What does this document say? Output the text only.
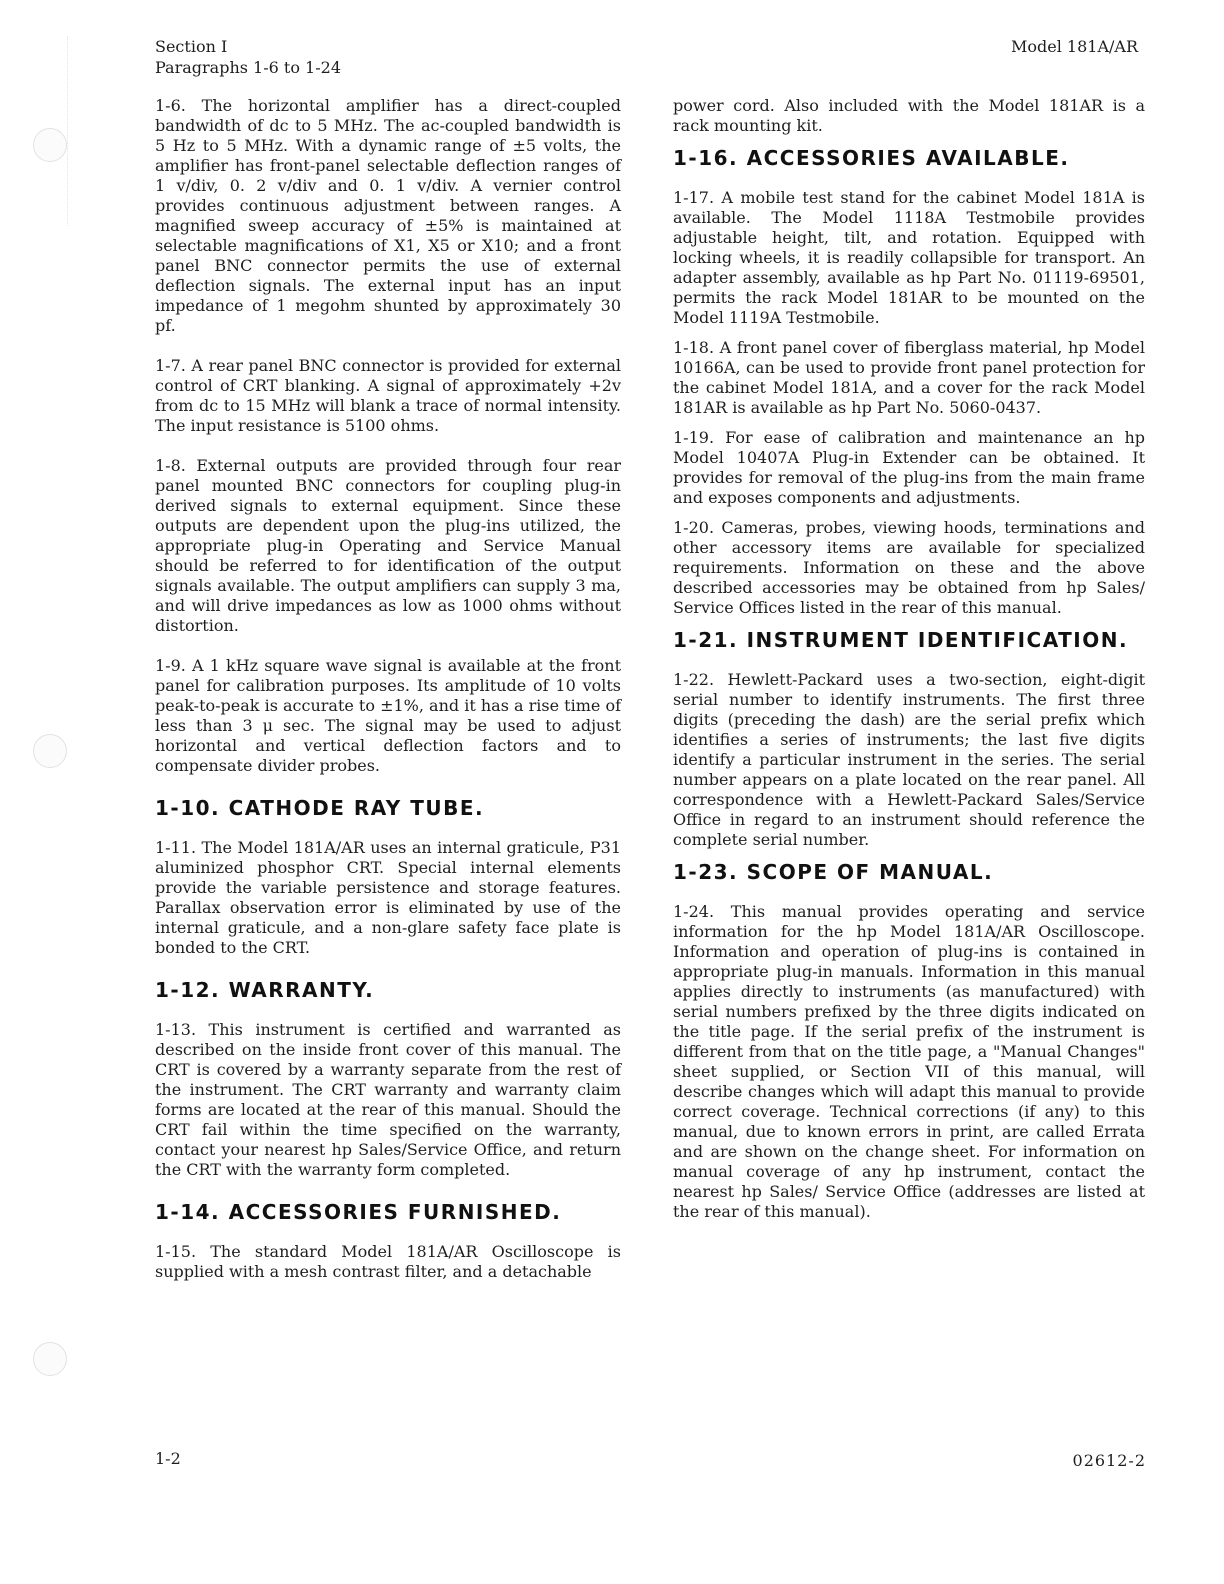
Section I
Paragraphs 1-6 to 1-24
Model 181A/AR
1-6. The horizontal amplifier has a direct-coupled bandwidth of dc to 5 MHz. The ac-coupled bandwidth is 5 Hz to 5 MHz. With a dynamic range of ±5 volts, the amplifier has front-panel selectable deflection ranges of 1 v/div, 0. 2 v/div and 0. 1 v/div. A vernier control provides continuous adjustment between ranges. A magnified sweep accuracy of ±5% is maintained at selectable magnifications of X1, X5 or X10; and a front panel BNC connector permits the use of external deflection signals. The external input has an input impedance of 1 megohm shunted by approximately 30 pf.
1-7. A rear panel BNC connector is provided for external control of CRT blanking. A signal of approximately +2v from dc to 15 MHz will blank a trace of normal intensity. The input resistance is 5100 ohms.
1-8. External outputs are provided through four rear panel mounted BNC connectors for coupling plug-in derived signals to external equipment. Since these outputs are dependent upon the plug-ins utilized, the appropriate plug-in Operating and Service Manual should be referred to for identification of the output signals available. The output amplifiers can supply 3 ma, and will drive impedances as low as 1000 ohms without distortion.
1-9. A 1 kHz square wave signal is available at the front panel for calibration purposes. Its amplitude of 10 volts peak-to-peak is accurate to ±1%, and it has a rise time of less than 3 μ sec. The signal may be used to adjust horizontal and vertical deflection factors and to compensate divider probes.
1-10. CATHODE RAY TUBE.
1-11. The Model 181A/AR uses an internal graticule, P31 aluminized phosphor CRT. Special internal elements provide the variable persistence and storage features. Parallax observation error is eliminated by use of the internal graticule, and a non-glare safety face plate is bonded to the CRT.
1-12. WARRANTY.
1-13. This instrument is certified and warranted as described on the inside front cover of this manual. The CRT is covered by a warranty separate from the rest of the instrument. The CRT warranty and warranty claim forms are located at the rear of this manual. Should the CRT fail within the time specified on the warranty, contact your nearest hp Sales/Service Office, and return the CRT with the warranty form completed.
1-14. ACCESSORIES FURNISHED.
1-15. The standard Model 181A/AR Oscilloscope is supplied with a mesh contrast filter, and a detachable
power cord. Also included with the Model 181AR is a rack mounting kit.
1-16. ACCESSORIES AVAILABLE.
1-17. A mobile test stand for the cabinet Model 181A is available. The Model 1118A Testmobile provides adjustable height, tilt, and rotation. Equipped with locking wheels, it is readily collapsible for transport. An adapter assembly, available as hp Part No. 01119-69501, permits the rack Model 181AR to be mounted on the Model 1119A Testmobile.
1-18. A front panel cover of fiberglass material, hp Model 10166A, can be used to provide front panel protection for the cabinet Model 181A, and a cover for the rack Model 181AR is available as hp Part No. 5060-0437.
1-19. For ease of calibration and maintenance an hp Model 10407A Plug-in Extender can be obtained. It provides for removal of the plug-ins from the main frame and exposes components and adjustments.
1-20. Cameras, probes, viewing hoods, terminations and other accessory items are available for specialized requirements. Information on these and the above described accessories may be obtained from hp Sales/ Service Offices listed in the rear of this manual.
1-21. INSTRUMENT IDENTIFICATION.
1-22. Hewlett-Packard uses a two-section, eight-digit serial number to identify instruments. The first three digits (preceding the dash) are the serial prefix which identifies a series of instruments; the last five digits identify a particular instrument in the series. The serial number appears on a plate located on the rear panel. All correspondence with a Hewlett-Packard Sales/Service Office in regard to an instrument should reference the complete serial number.
1-23. SCOPE OF MANUAL.
1-24. This manual provides operating and service information for the hp Model 181A/AR Oscilloscope. Information and operation of plug-ins is contained in appropriate plug-in manuals. Information in this manual applies directly to instruments (as manufactured) with serial numbers prefixed by the three digits indicated on the title page. If the serial prefix of the instrument is different from that on the title page, a "Manual Changes" sheet supplied, or Section VII of this manual, will describe changes which will adapt this manual to provide correct coverage. Technical corrections (if any) to this manual, due to known errors in print, are called Errata and are shown on the change sheet. For information on manual coverage of any hp instrument, contact the nearest hp Sales/ Service Office (addresses are listed at the rear of this manual).
1-2	02612-2
